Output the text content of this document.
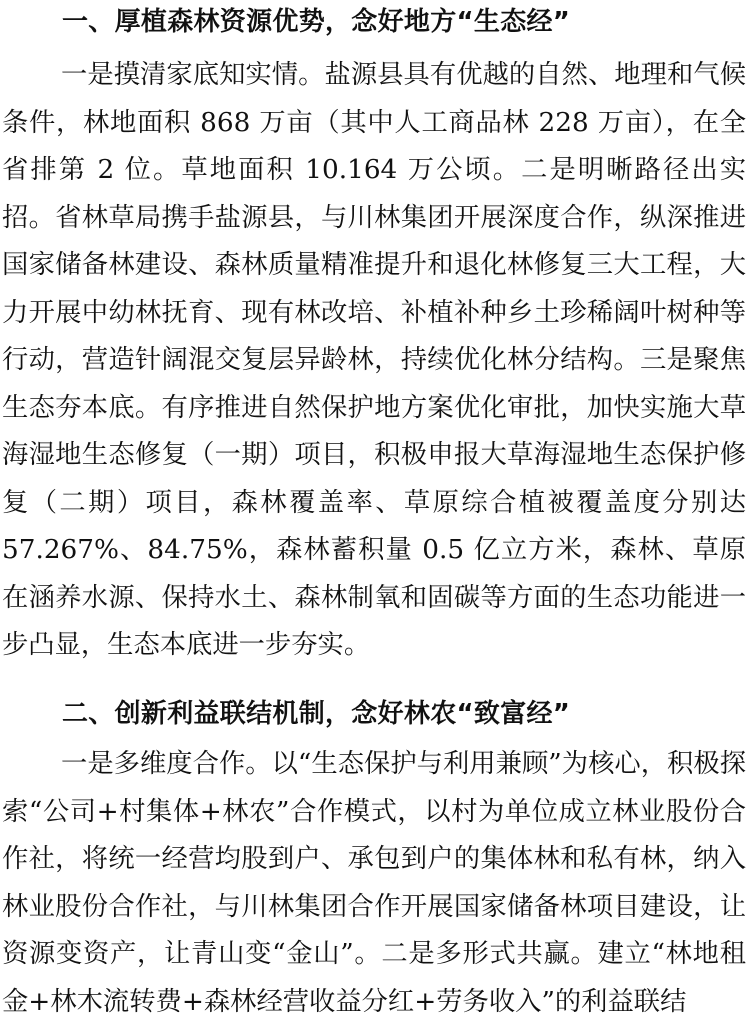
一、厚植森林资源优势，念好地方“生态经”

一是摸清家底知实情。盐源县具有优越的自然、地理和气候条件，林地面积 868 万亩（其中人工商品林 228 万亩），在全省排第 2 位。草地面积 10.164 万公顷。二是明晰路径出实招。省林草局携手盐源县，与川林集团开展深度合作，纵深推进国家储备林建设、森林质量精准提升和退化林修复三大工程，大力开展中幼林抚育、现有林改培、补植补种乡土珍稀阔叶树种等行动，营造针阔混交复层异龄林，持续优化林分结构。三是聚焦生态夯本底。有序推进自然保护地方案优化审批，加快实施大草海湿地生态修复（一期）项目，积极申报大草海湿地生态保护修复（二期）项目，森林覆盖率、草原综合植被覆盖度分别达 57.267%、84.75%，森林蓄积量 0.5 亿立方米，森林、草原在涵养水源、保持水土、森林制氧和固碳等方面的生态功能进一步凸显，生态本底进一步夯实。

二、创新利益联结机制，念好林农“致富经”

一是多维度合作。以“生态保护与利用兼顾”为核心，积极探索“公司+村集体+林农”合作模式，以村为单位成立林业股份合作社，将统一经营均股到户、承包到户的集体林和私有林，纳入林业股份合作社，与川林集团合作开展国家储备林项目建设，让资源变资产，让青山变“金山”。二是多形式共赢。建立“林地租金+林木流转费+森林经营收益分红+劳务收入”的利益联结
